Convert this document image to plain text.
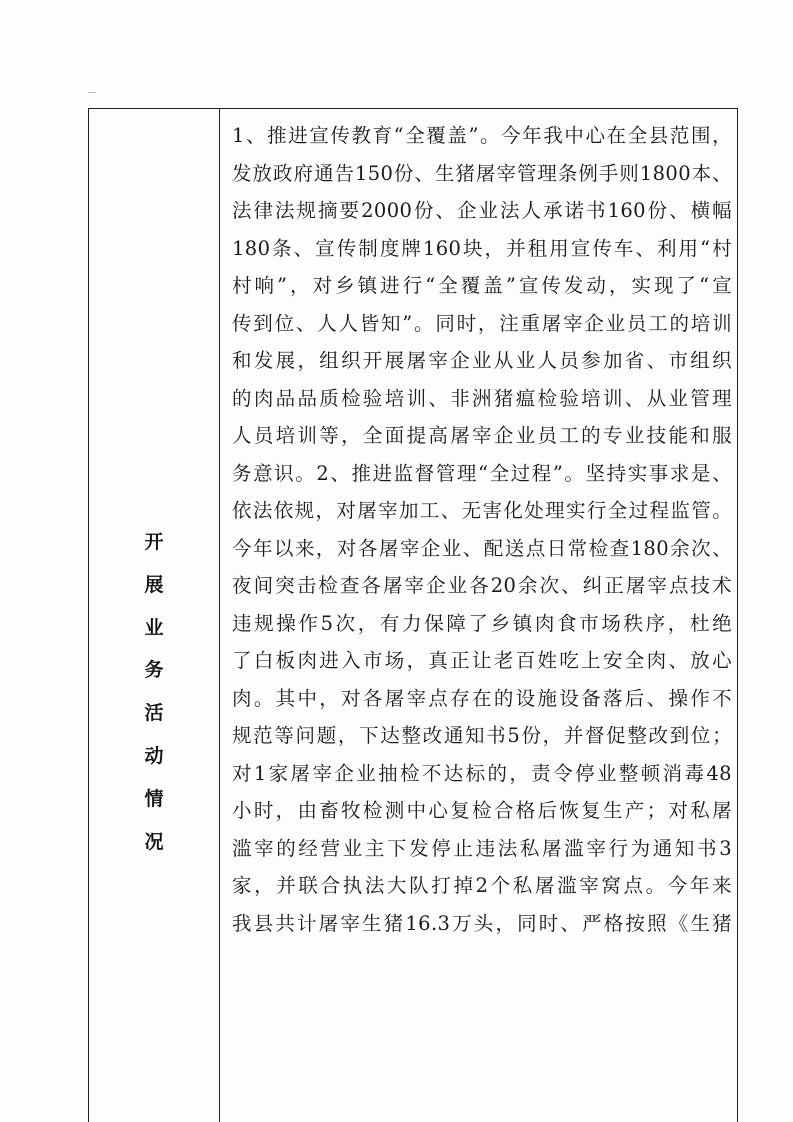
开
展
业
务
活
动
情
况
1、推进宣传教育“全覆盖”。今年我中心在全县范围，
发放政府通告150份、生猪屠宰管理条例手则1800本、
法律法规摘要2000份、企业法人承诺书160份、横幅
180条、宣传制度牌160块，并租用宣传车、利用“村
村响”，对乡镇进行“全覆盖”宣传发动，实现了“宣
传到位、人人皆知”。同时，注重屠宰企业员工的培训
和发展，组织开展屠宰企业从业人员参加省、市组织
的肉品品质检验培训、非洲猪瘟检验培训、从业管理
人员培训等，全面提高屠宰企业员工的专业技能和服
务意识。2、推进监督管理“全过程”。坚持实事求是、
依法依规，对屠宰加工、无害化处理实行全过程监管。
今年以来，对各屠宰企业、配送点日常检查180余次、
夜间突击检查各屠宰企业各20余次、纠正屠宰点技术
违规操作5次，有力保障了乡镇肉食市场秩序，杜绝
了白板肉进入市场，真正让老百姓吃上安全肉、放心
肉。其中，对各屠宰点存在的设施设备落后、操作不
规范等问题，下达整改通知书5份，并督促整改到位；
对1家屠宰企业抽检不达标的，责令停业整顿消毒48
小时，由畜牧检测中心复检合格后恢复生产；对私屠
滥宰的经营业主下发停止违法私屠滥宰行为通知书3
家，并联合执法大队打掉2个私屠滥宰窝点。今年来
我县共计屠宰生猪16.3万头，同时、严格按照《生猪
